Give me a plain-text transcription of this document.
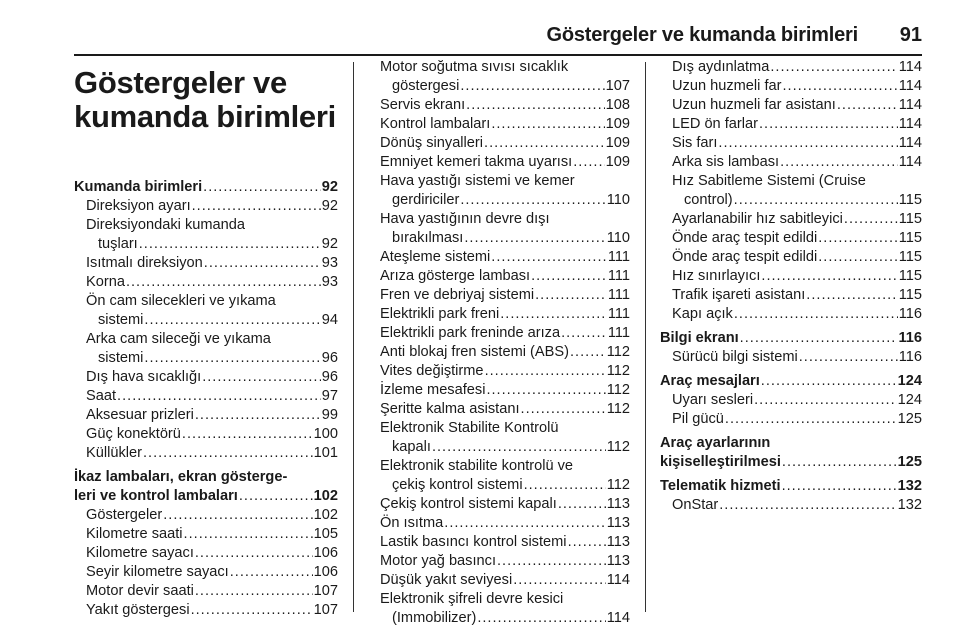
Göstergeler ve kumanda birimleri 91
Göstergeler ve
kumanda birimleri
Kumanda birimleri .....	92
Direksiyon ayarı .....	92
Direksiyondaki kumanda
tuşları .....	92
Isıtmalı direksiyon .....	93
Korna .....	93
Ön cam silecekleri ve yıkama
sistemi .....	94
Arka cam sileceği ve yıkama
sistemi .....	96
Dış hava sıcaklığı .....	96
Saat .....	97
Aksesuar prizleri .....	99
Güç konektörü .....	100
Küllükler .....	101
İkaz lambaları, ekran gösterge-
leri ve kontrol lambaları .....	102
Göstergeler .....	102
Kilometre saati .....	105
Kilometre sayacı .....	106
Seyir kilometre sayacı .....	106
Motor devir saati .....	107
Yakıt göstergesi .....	107
Motor soğutma sıvısı sıcaklık
göstergesi .....	107
Servis ekranı .....	108
Kontrol lambaları .....	109
Dönüş sinyalleri .....	109
Emniyet kemeri takma uyarısı ..... 109
Hava yastığı sistemi ve kemer
gerdiriciler .....	110
Hava yastığının devre dışı
bırakılması .....	110
Ateşleme sistemi .....	111
Arıza gösterge lambası .....	111
Fren ve debriyaj sistemi .....	111
Elektrikli park freni .....	111
Elektrikli park freninde arıza .....	111
Anti blokaj fren sistemi (ABS) .....	112
Vites değiştirme .....	112
İzleme mesafesi .....	112
Şeritte kalma asistanı .....	112
Elektronik Stabilite Kontrolü
kapalı .....	112
Elektronik stabilite kontrolü ve
çekiş kontrol sistemi .....	112
Çekiş kontrol sistemi kapalı .....	113
Ön ısıtma .....	113
Lastik basıncı kontrol sistemi .....	113
Motor yağ basıncı .....	113
Düşük yakıt seviyesi .....	114
Elektronik şifreli devre kesici
(Immobilizer) .....	114
Dış aydınlatma .....	114
Uzun huzmeli far .....	114
Uzun huzmeli far asistanı .....	114
LED ön farlar .....	114
Sis farı .....	114
Arka sis lambası .....	114
Hız Sabitleme Sistemi (Cruise
control) .....	115
Ayarlanabilir hız sabitleyici .....	115
Önde araç tespit edildi .....	115
Önde araç tespit edildi .....	115
Hız sınırlayıcı .....	115
Trafik işareti asistanı .....	115
Kapı açık .....	116
Bilgi ekranı .....	116
Sürücü bilgi sistemi .....	116
Araç mesajları .....	124
Uyarı sesleri .....	124
Pil gücü .....	125
Araç ayarlarının
kişiselleştirilmesi .....	125
Telematik hizmeti .....	132
OnStar .....	132
